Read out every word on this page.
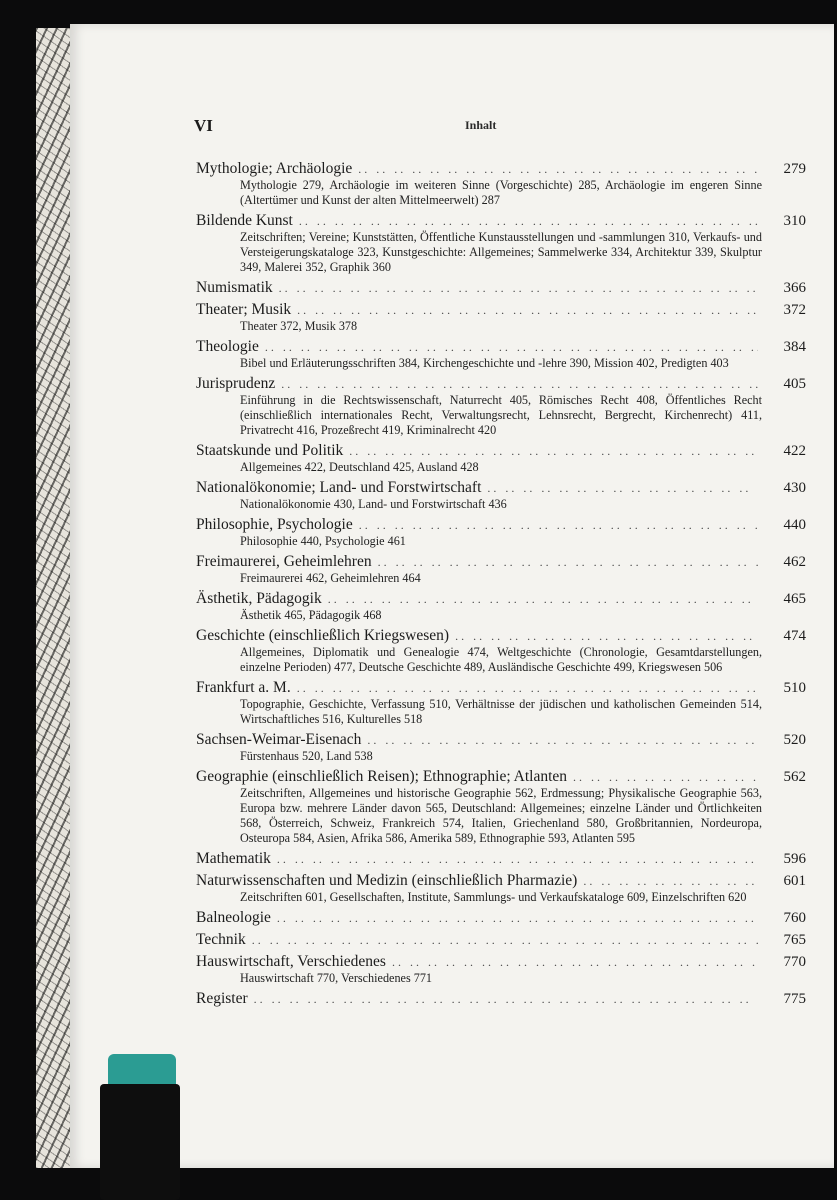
VI	Inhalt
Mythologie; Archäologie .. ..	279
Mythologie 279, Archäologie im weiteren Sinne (Vorgeschichte) 285, Archäologie im engeren Sinne (Altertümer und Kunst der alten Mittelmeerwelt) 287
Bildende Kunst .. ..	310
Zeitschriften; Vereine; Kunststätten, Öffentliche Kunstausstellungen und -sammlungen 310, Verkaufs- und Versteigerungskataloge 323, Kunstgeschichte: Allgemeines; Sammelwerke 334, Architektur 339, Skulptur 349, Malerei 352, Graphik 360
Numismatik .. ..	366
Theater; Musik .. ..	372
Theater 372, Musik 378
Theologie .. ..	384
Bibel und Erläuterungsschriften 384, Kirchengeschichte und -lehre 390, Mission 402, Predigten 403
Jurisprudenz .. ..	405
Einführung in die Rechtswissenschaft, Naturrecht 405, Römisches Recht 408, Öffentliches Recht (einschließlich internationales Recht, Verwaltungsrecht, Lehnsrecht, Bergrecht, Kirchenrecht) 411, Privatrecht 416, Prozeßrecht 419, Kriminalrecht 420
Staatskunde und Politik .. ..	422
Allgemeines 422, Deutschland 425, Ausland 428
Nationalökonomie; Land- und Forstwirtschaft .. ..	430
Nationalökonomie 430, Land- und Forstwirtschaft 436
Philosophie, Psychologie .. ..	440
Philosophie 440, Psychologie 461
Freimaurerei, Geheimlehren .. ..	462
Freimaurerei 462, Geheimlehren 464
Ästhetik, Pädagogik .. ..	465
Ästhetik 465, Pädagogik 468
Geschichte (einschließlich Kriegswesen) .. ..	474
Allgemeines, Diplomatik und Genealogie 474, Weltgeschichte (Chronologie, Gesamtdarstellungen, einzelne Perioden) 477, Deutsche Geschichte 489, Ausländische Geschichte 499, Kriegswesen 506
Frankfurt a. M. .. ..	510
Topographie, Geschichte, Verfassung 510, Verhältnisse der jüdischen und katholischen Gemeinden 514, Wirtschaftliches 516, Kulturelles 518
Sachsen-Weimar-Eisenach .. ..	520
Fürstenhaus 520, Land 538
Geographie (einschließlich Reisen); Ethnographie; Atlanten .. ..	562
Zeitschriften, Allgemeines und historische Geographie 562, Erdmessung; Physikalische Geographie 563, Europa bzw. mehrere Länder davon 565, Deutschland: Allgemeines; einzelne Länder und Örtlichkeiten 568, Österreich, Schweiz, Frankreich 574, Italien, Griechenland 580, Großbritannien, Nordeuropa, Osteuropa 584, Asien, Afrika 586, Amerika 589, Ethnographie 593, Atlanten 595
Mathematik .. ..	596
Naturwissenschaften und Medizin (einschließlich Pharmazie) .. ..	601
Zeitschriften 601, Gesellschaften, Institute, Sammlungs- und Verkaufskataloge 609, Einzelschriften 620
Balneologie .. ..	760
Technik .. ..	765
Hauswirtschaft, Verschiedenes .. ..	770
Hauswirtschaft 770, Verschiedenes 771
Register .. ..	775
